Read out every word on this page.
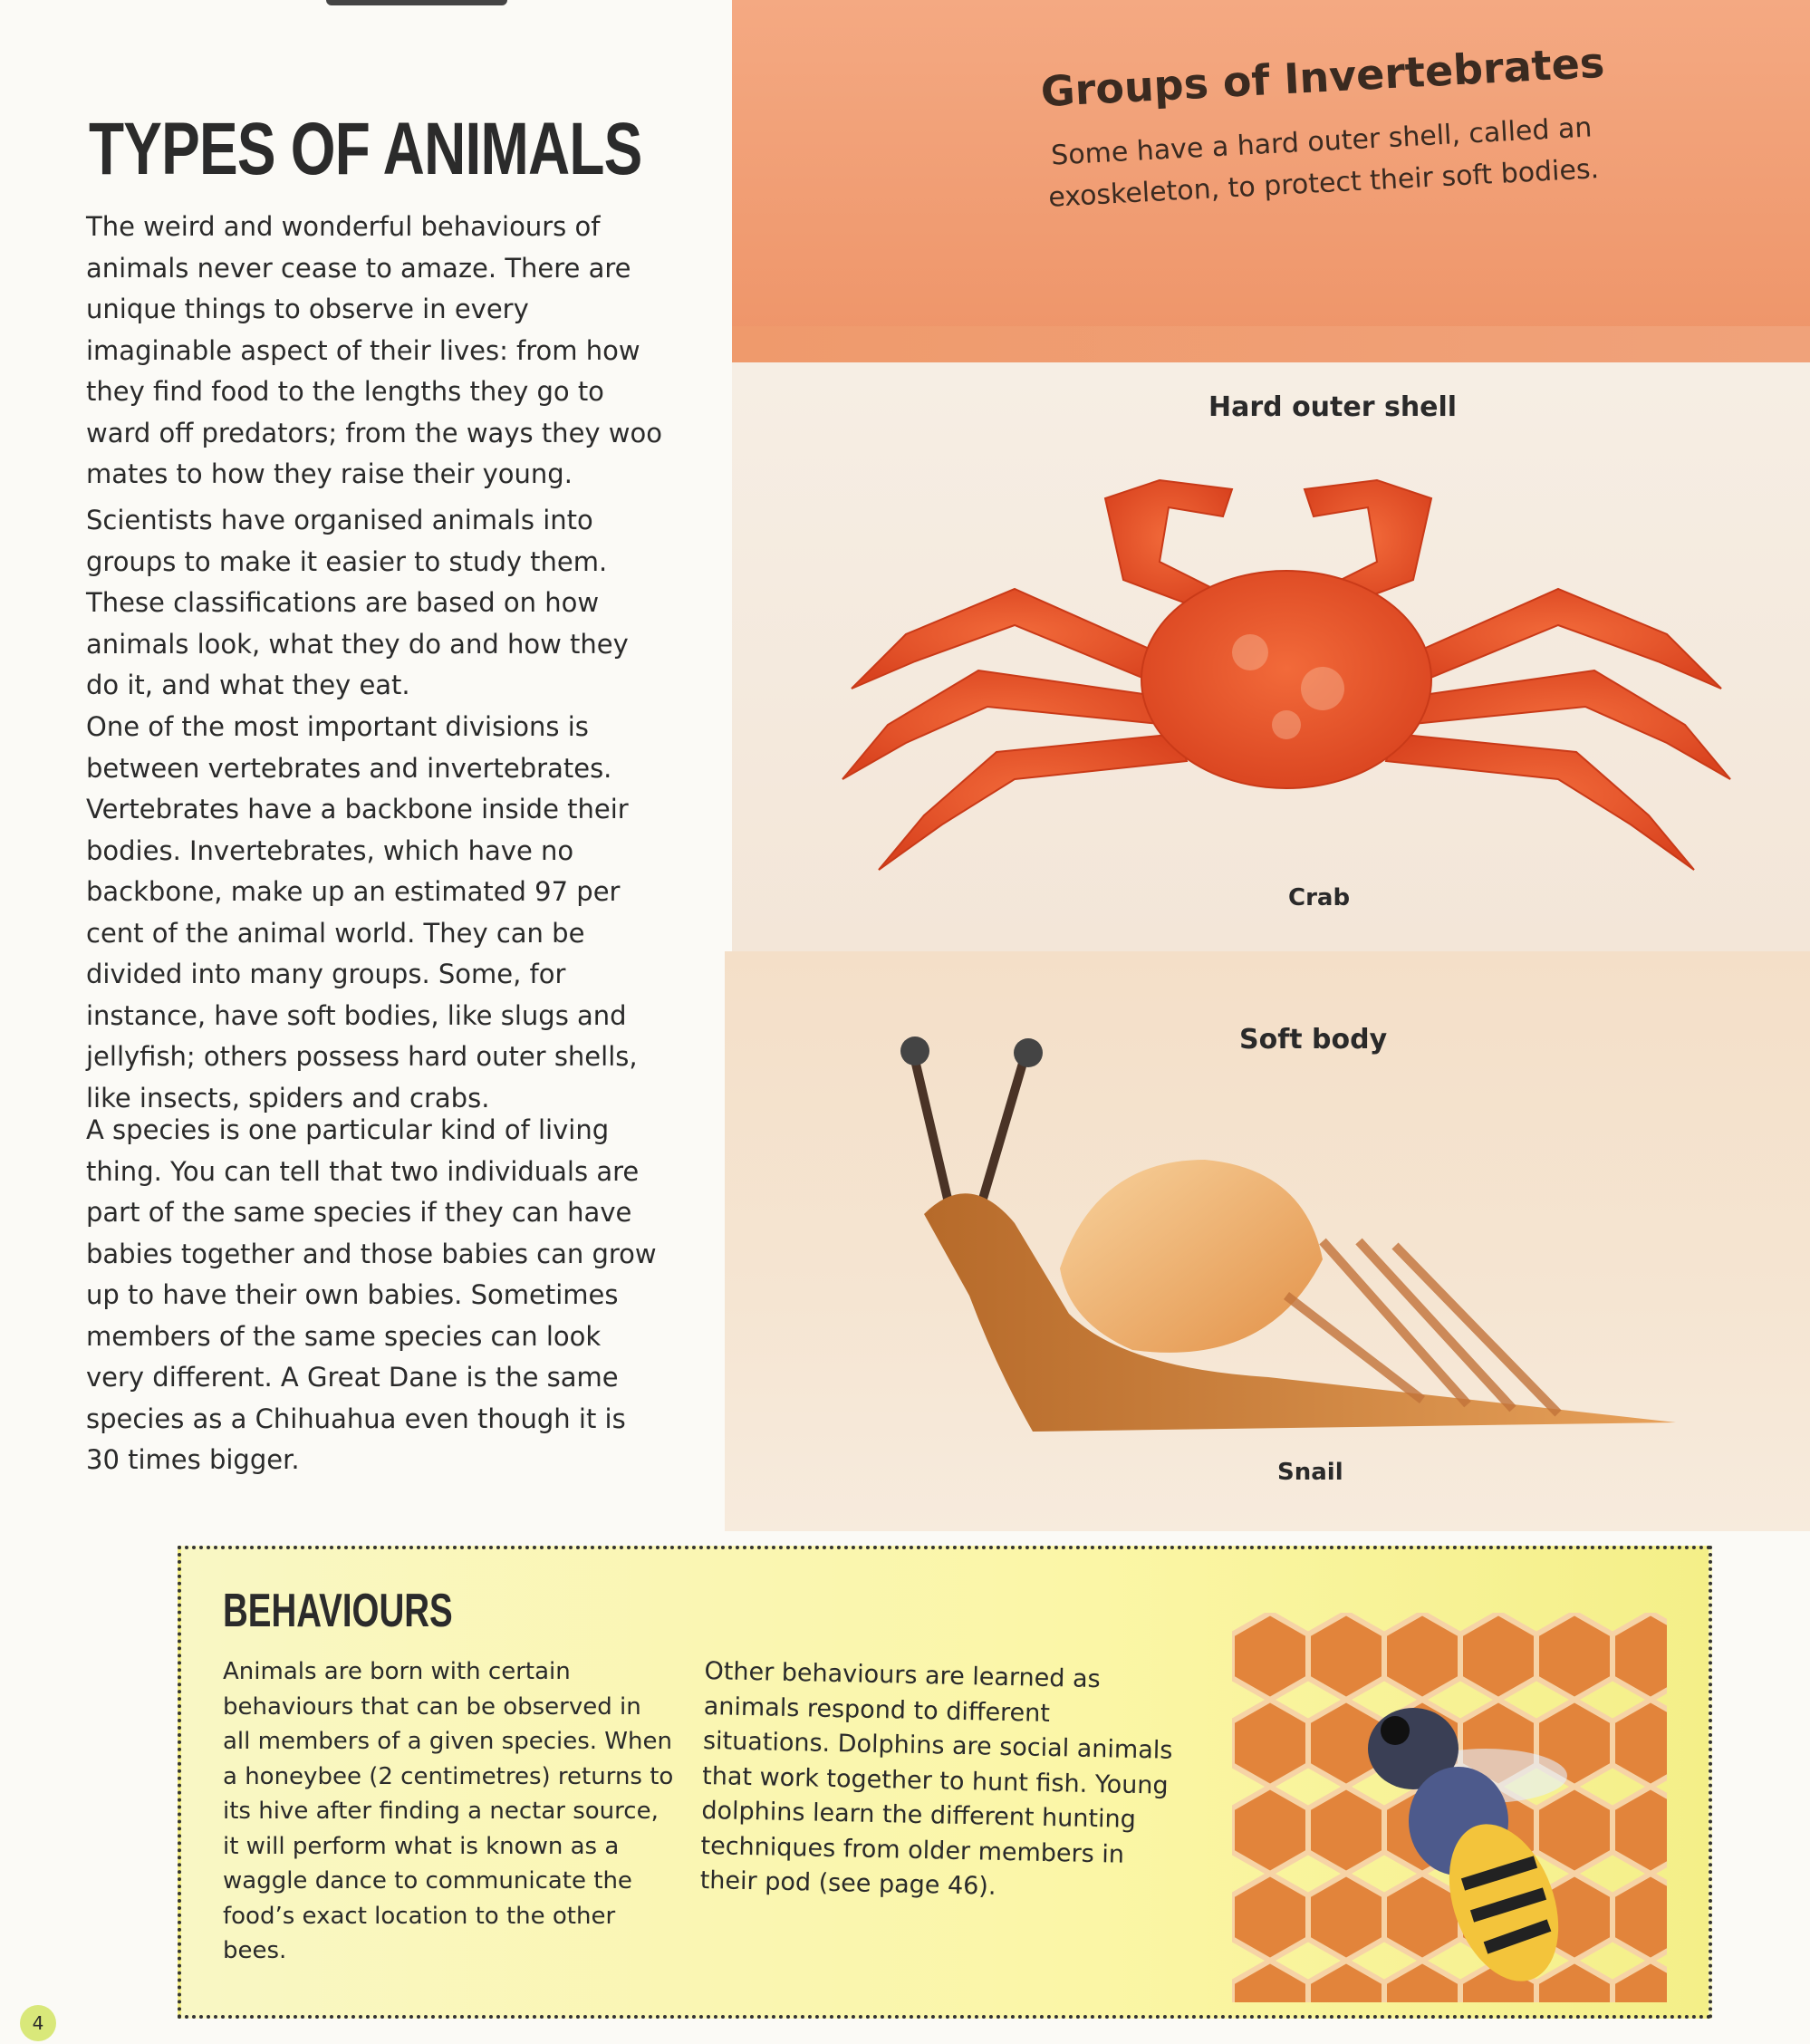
TYPES OF ANIMALS
The weird and wonderful behaviours of animals never cease to amaze. There are unique things to observe in every imaginable aspect of their lives: from how they find food to the lengths they go to ward off predators; from the ways they woo mates to how they raise their young.
Scientists have organised animals into groups to make it easier to study them. These classifications are based on how animals look, what they do and how they do it, and what they eat.
One of the most important divisions is between vertebrates and invertebrates. Vertebrates have a backbone inside their bodies. Invertebrates, which have no backbone, make up an estimated 97 per cent of the animal world. They can be divided into many groups. Some, for instance, have soft bodies, like slugs and jellyfish; others possess hard outer shells, like insects, spiders and crabs.
A species is one particular kind of living thing. You can tell that two individuals are part of the same species if they can have babies together and those babies can grow up to have their own babies. Sometimes members of the same species can look very different. A Great Dane is the same species as a Chihuahua even though it is 30 times bigger.
Groups of Invertebrates
Some have a hard outer shell, called an exoskeleton, to protect their soft bodies.
Hard outer shell
Crab
Soft body
Snail
BEHAVIOURS
Animals are born with certain behaviours that can be observed in all members of a given species. When a honeybee (2 centimetres) returns to its hive after finding a nectar source, it will perform what is known as a waggle dance to communicate the food’s exact location to the other bees.
Other behaviours are learned as animals respond to different situations. Dolphins are social animals that work together to hunt fish. Young dolphins learn the different hunting techniques from older members in their pod (see page 46).
4
